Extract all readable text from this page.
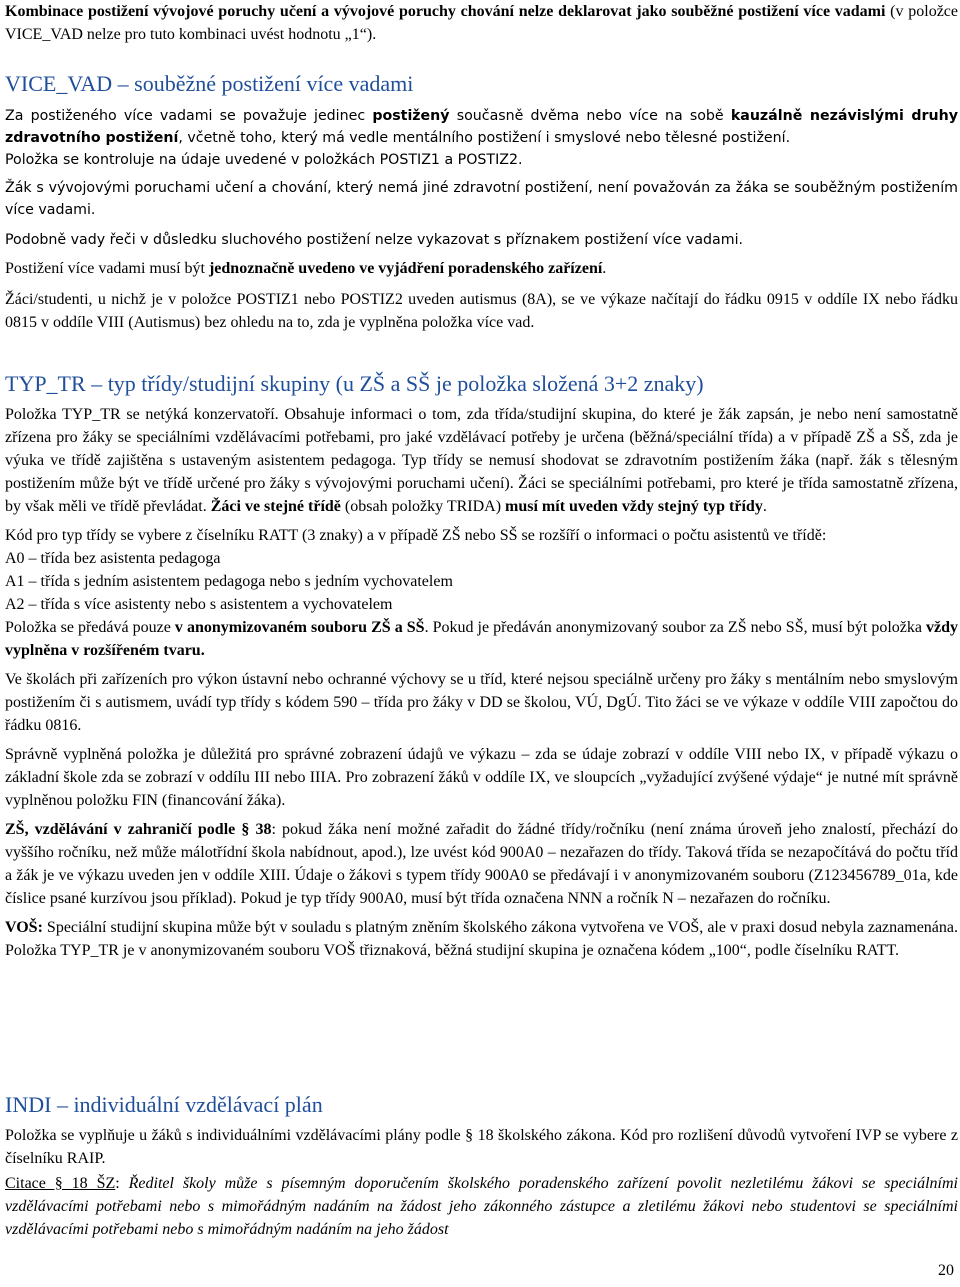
Kombinace postižení vývojové poruchy učení a vývojové poruchy chování nelze deklarovat jako souběžné postižení více vadami (v položce VICE_VAD nelze pro tuto kombinaci uvést hodnotu „1“).

VICE_VAD – souběžné postižení více vadami

Za postiženého více vadami se považuje jedinec postižený současně dvěma nebo více na sobě kauzálně nezávislými druhy zdravotního postižení, včetně toho, který má vedle mentálního postižení i smyslové nebo tělesné postižení.

Položka se kontroluje na údaje uvedené v položkách POSTIZ1 a POSTIZ2.

Žák s vývojovými poruchami učení a chování, který nemá jiné zdravotní postižení, není považován za žáka se souběžným postižením více vadami.

Podobně vady řeči v důsledku sluchového postižení nelze vykazovat s příznakem postižení více vadami.

Postižení více vadami musí být jednoznačně uvedeno ve vyjádření poradenského zařízení.

Žáci/studenti, u nichž je v položce POSTIZ1 nebo POSTIZ2 uveden autismus (8A), se ve výkaze načítají do řádku 0915 v oddíle IX nebo řádku 0815 v oddíle VIII (Autismus) bez ohledu na to, zda je vyplněna položka více vad.

TYP_TR – typ třídy/studijní skupiny (u ZŠ a SŠ je položka složená 3+2 znaky)

Položka TYP_TR se netýká konzervatoří. Obsahuje informaci o tom, zda třída/studijní skupina, do které je žák zapsán, je nebo není samostatně zřízena pro žáky se speciálními vzdělávacími potřebami, pro jaké vzdělávací potřeby je určena (běžná/speciální třída) a v případě ZŠ a SŠ, zda je výuka ve třídě zajištěna s ustaveným asistentem pedagoga. Typ třídy se nemusí shodovat se zdravotním postižením žáka (např. žák s tělesným postižením může být ve třídě určené pro žáky s vývojovými poruchami učení). Žáci se speciálními potřebami, pro které je třída samostatně zřízena, by však měli ve třídě převládat. Žáci ve stejné třídě (obsah položky TRIDA) musí mít uveden vždy stejný typ třídy.

Kód pro typ třídy se vybere z číselníku RATT (3 znaky) a v případě ZŠ nebo SŠ se rozšíří o informaci o počtu asistentů ve třídě:

A0 – třída bez asistenta pedagoga
A1 – třída s jedním asistentem pedagoga nebo s jedním vychovatelem
A2 – třída s více asistenty nebo s asistentem a vychovatelem

Položka se předává pouze v anonymizovaném souboru ZŠ a SŠ. Pokud je předáván anonymizovaný soubor za ZŠ nebo SŠ, musí být položka vždy vyplněna v rozšířeném tvaru.

Ve školách při zařízeních pro výkon ústavní nebo ochranné výchovy se u tříd, které nejsou speciálně určeny pro žáky s mentálním nebo smyslovým postižením či s autismem, uvádí typ třídy s kódem 590 – třída pro žáky v DD se školou, VÚ, DgÚ. Tito žáci se ve výkaze v oddíle VIII započtou do řádku 0816.

Správně vyplněná položka je důležitá pro správné zobrazení údajů ve výkazu – zda se údaje zobrazí v oddíle VIII nebo IX, v případě výkazu o základní škole zda se zobrazí v oddílu III nebo IIIA. Pro zobrazení žáků v oddíle IX, ve sloupcích „vyžadující zvýšené výdaje“ je nutné mít správně vyplněnou položku FIN (financování žáka).

ZŠ, vzdělávání v zahraničí podle § 38: pokud žáka není možné zařadit do žádné třídy/ročníku (není známa úroveň jeho znalostí, přechází do vyššího ročníku, než může málotřídní škola nabídnout, apod.), lze uvést kód 900A0 – nezařazen do třídy. Taková třída se nezapočítává do počtu tříd a žák je ve výkazu uveden jen v oddíle XIII. Údaje o žákovi s typem třídy 900A0 se předávají i v anonymizovaném souboru (Z123456789_01a, kde číslice psané kurzívou jsou příklad). Pokud je typ třídy 900A0, musí být třída označena NNN a ročník N – nezařazen do ročníku.

VOŠ: Speciální studijní skupina může být v souladu s platným zněním školského zákona vytvořena ve VOŠ, ale v praxi dosud nebyla zaznamenána. Položka TYP_TR je v anonymizovaném souboru VOŠ třiznaková, běžná studijní skupina je označena kódem „100“, podle číselníku RATT.

INDI – individuální vzdělávací plán

Položka se vyplňuje u žáků s individuálními vzdělávacími plány podle § 18 školského zákona. Kód pro rozlišení důvodů vytvoření IVP se vybere z číselníku RAIP.

Citace § 18 ŠZ: Ředitel školy může s písemným doporučením školského poradenského zařízení povolit nezletilému žákovi se speciálními vzdělávacími potřebami nebo s mimořádným nadáním na žádost jeho zákonného zástupce a zletilému žákovi nebo studentovi se speciálními vzdělávacími potřebami nebo s mimořádným nadáním na jeho žádost

20
